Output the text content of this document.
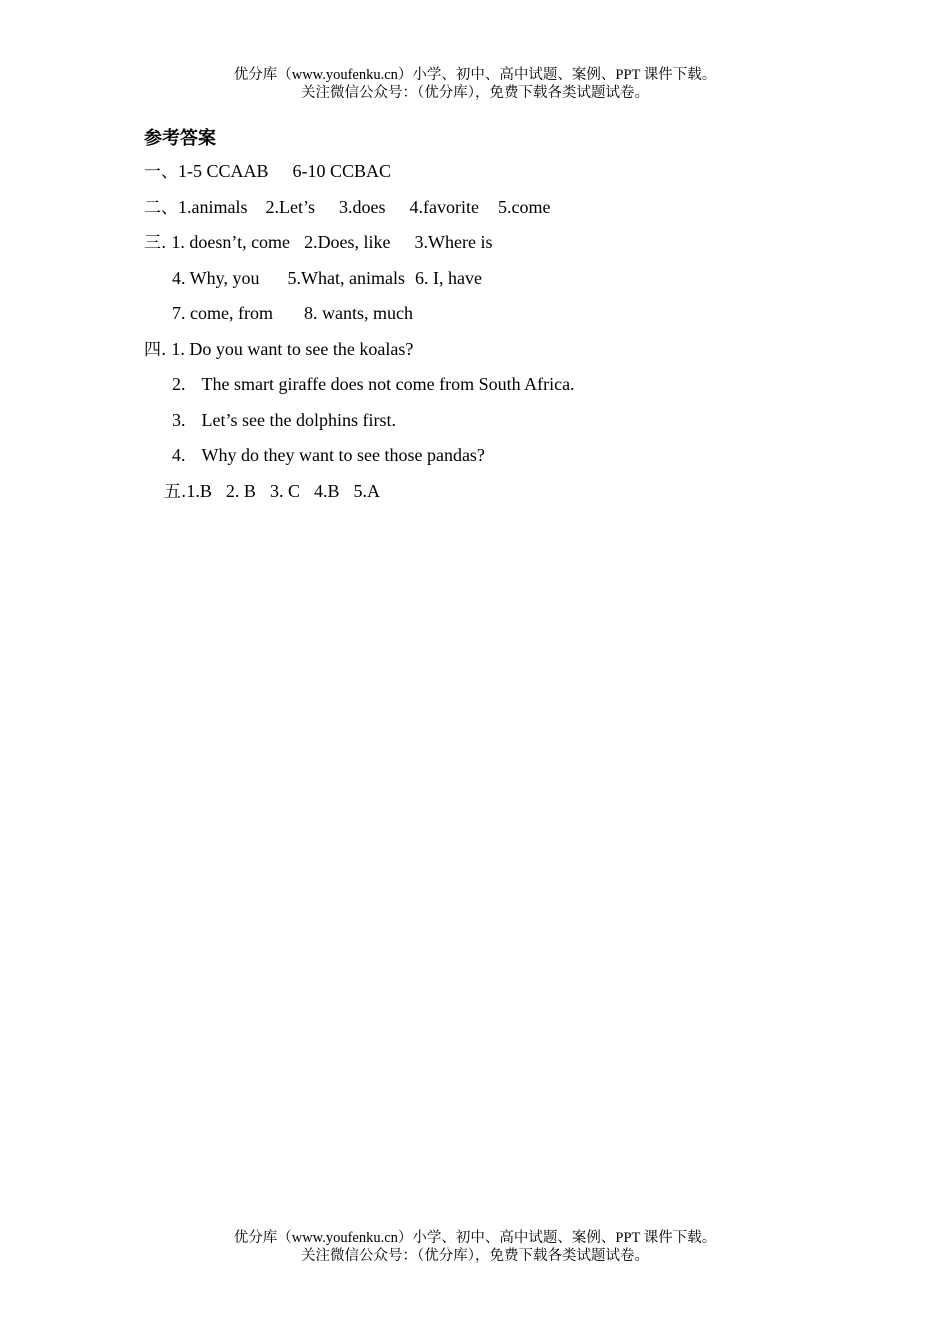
优分库（www.youfenku.cn）小学、初中、高中试题、案例、PPT 课件下载。
关注微信公众号：（优分库），免费下载各类试题试卷。
参考答案
一、1-5 CCAAB 6-10 CCBAC
二、1.animals 2.Let’s 3.does 4.favorite 5.come
三. 1. doesn’t, come 2.Does, like 3.Where is
4. Why, you 5.What, animals 6. I, have
7. come, from 8. wants, much
四. 1. Do you want to see the koalas?
2. The smart giraffe does not come from South Africa.
3. Let’s see the dolphins first.
4. Why do they want to see those pandas?
五.1.B 2. B 3. C 4.B 5.A
优分库（www.youfenku.cn）小学、初中、高中试题、案例、PPT 课件下载。
关注微信公众号：（优分库），免费下载各类试题试卷。
